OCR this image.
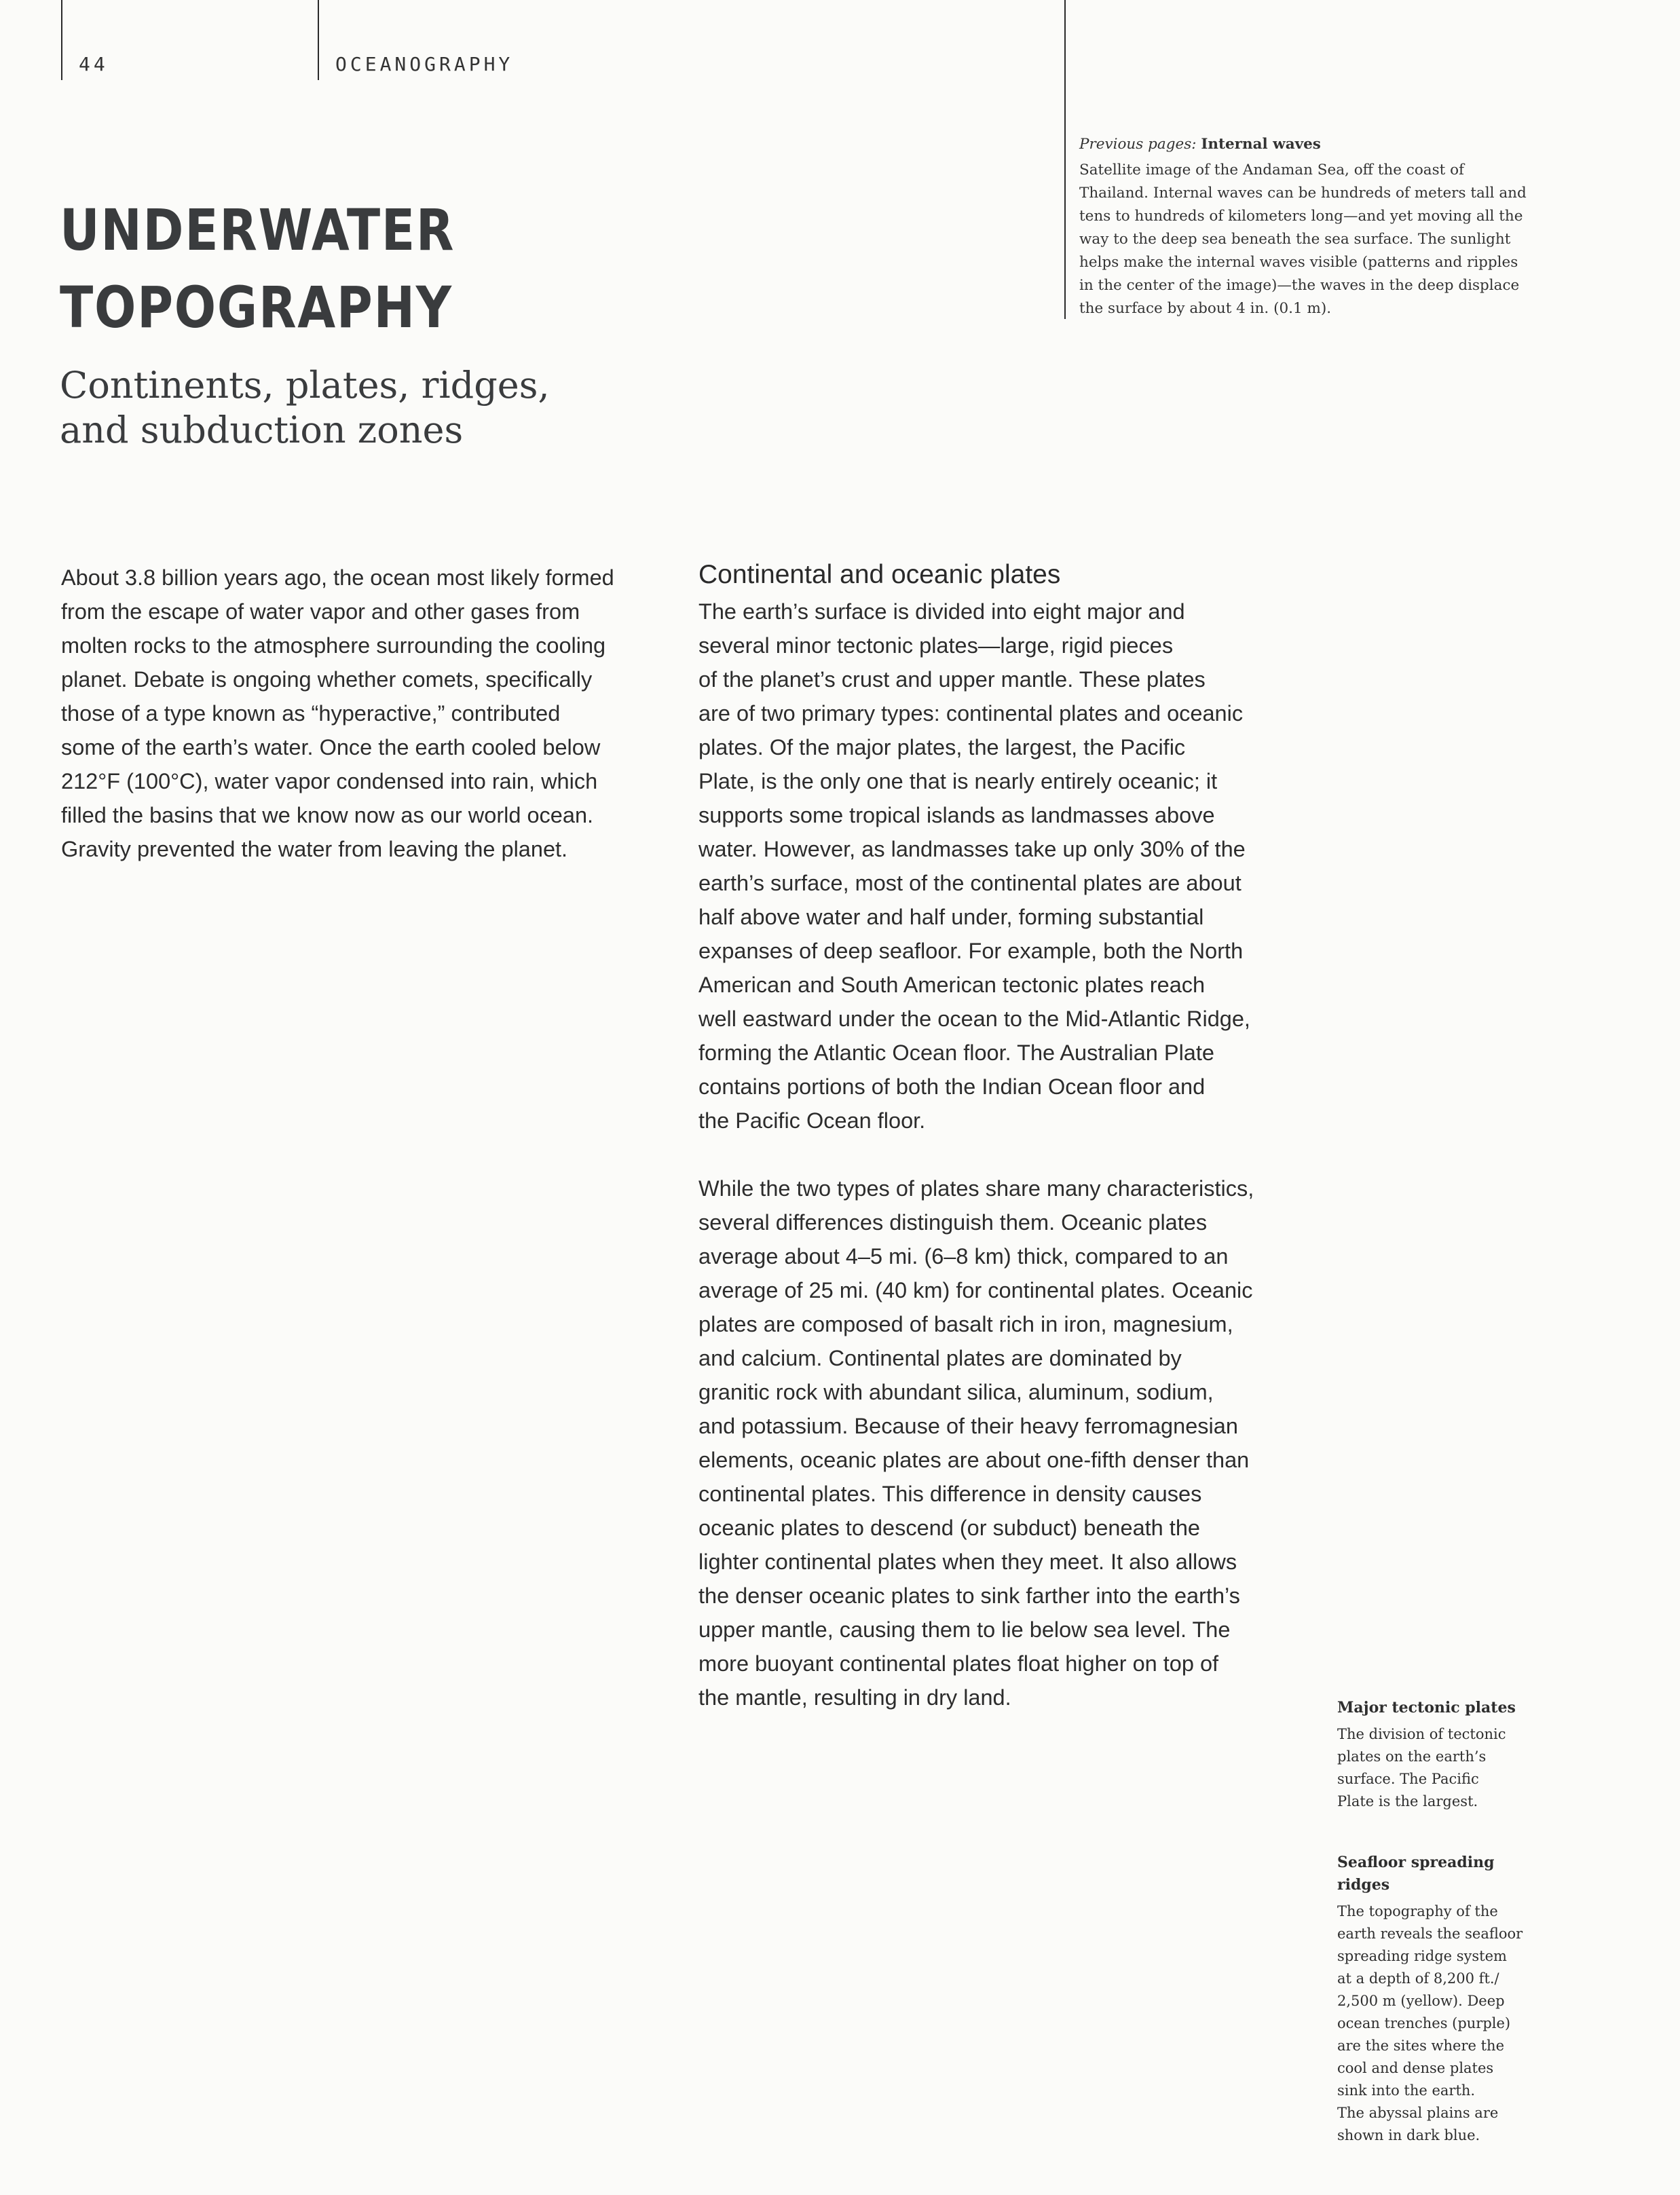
44	OCEANOGRAPHY
UNDERWATER
TOPOGRAPHY
Continents, plates, ridges,
and subduction zones
Previous pages: Internal waves
Satellite image of the Andaman Sea, off the coast of
Thailand. Internal waves can be hundreds of meters tall and
tens to hundreds of kilometers long—and yet moving all the
way to the deep sea beneath the sea surface. The sunlight
helps make the internal waves visible (patterns and ripples
in the center of the image)—the waves in the deep displace
the surface by about 4 in. (0.1 m).
About 3.8 billion years ago, the ocean most likely formed
from the escape of water vapor and other gases from
molten rocks to the atmosphere surrounding the cooling
planet. Debate is ongoing whether comets, specifically
those of a type known as “hyperactive,” contributed
some of the earth’s water. Once the earth cooled below
212°F (100°C), water vapor condensed into rain, which
filled the basins that we know now as our world ocean.
Gravity prevented the water from leaving the planet.
Continental and oceanic plates
The earth’s surface is divided into eight major and
several minor tectonic plates—large, rigid pieces
of the planet’s crust and upper mantle. These plates
are of two primary types: continental plates and oceanic
plates. Of the major plates, the largest, the Pacific
Plate, is the only one that is nearly entirely oceanic; it
supports some tropical islands as landmasses above
water. However, as landmasses take up only 30% of the
earth’s surface, most of the continental plates are about
half above water and half under, forming substantial
expanses of deep seafloor. For example, both the North
American and South American tectonic plates reach
well eastward under the ocean to the Mid-Atlantic Ridge,
forming the Atlantic Ocean floor. The Australian Plate
contains portions of both the Indian Ocean floor and
the Pacific Ocean floor.
While the two types of plates share many characteristics,
several differences distinguish them. Oceanic plates
average about 4–5 mi. (6–8 km) thick, compared to an
average of 25 mi. (40 km) for continental plates. Oceanic
plates are composed of basalt rich in iron, magnesium,
and calcium. Continental plates are dominated by
granitic rock with abundant silica, aluminum, sodium,
and potassium. Because of their heavy ferromagnesian
elements, oceanic plates are about one-fifth denser than
continental plates. This difference in density causes
oceanic plates to descend (or subduct) beneath the
lighter continental plates when they meet. It also allows
the denser oceanic plates to sink farther into the earth’s
upper mantle, causing them to lie below sea level. The
more buoyant continental plates float higher on top of
the mantle, resulting in dry land.	Major tectonic plates
The division of tectonic
plates on the earth’s
surface. The Pacific
Plate is the largest.
Seafloor spreading
ridges
The topography of the
earth reveals the seafloor
spreading ridge system
at a depth of 8,200 ft./
2,500 m (yellow). Deep
ocean trenches (purple)
are the sites where the
cool and dense plates
sink into the earth.
The abyssal plains are
shown in dark blue.
